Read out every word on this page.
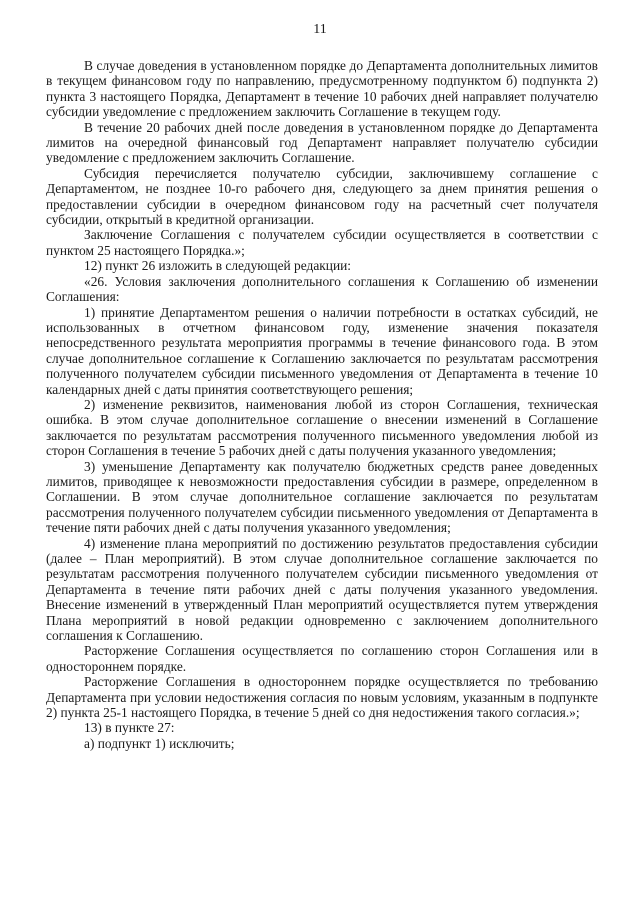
11

В случае доведения в установленном порядке до Департамента дополнительных лимитов в текущем финансовом году по направлению, предусмотренному подпунктом б) подпункта 2) пункта 3 настоящего Порядка, Департамент в течение 10 рабочих дней направляет получателю субсидии уведомление с предложением заключить Соглашение в текущем году.

В течение 20 рабочих дней после доведения в установленном порядке до Департамента лимитов на очередной финансовый год Департамент направляет получателю субсидии уведомление с предложением заключить Соглашение.

Субсидия перечисляется получателю субсидии, заключившему соглашение с Департаментом, не позднее 10-го рабочего дня, следующего за днем принятия решения о предоставлении субсидии в очередном финансовом году на расчетный счет получателя субсидии, открытый в кредитной организации.

Заключение Соглашения с получателем субсидии осуществляется в соответствии с пунктом 25 настоящего Порядка.»;

12) пункт 26 изложить в следующей редакции:

«26. Условия заключения дополнительного соглашения к Соглашению об изменении Соглашения:

1) принятие Департаментом решения о наличии потребности в остатках субсидий, не использованных в отчетном финансовом году, изменение значения показателя непосредственного результата мероприятия программы в течение финансового года. В этом случае дополнительное соглашение к Соглашению заключается по результатам рассмотрения полученного получателем субсидии письменного уведомления от Департамента в течение 10 календарных дней с даты принятия соответствующего решения;

2) изменение реквизитов, наименования любой из сторон Соглашения, техническая ошибка. В этом случае дополнительное соглашение о внесении изменений в Соглашение заключается по результатам рассмотрения полученного письменного уведомления любой из сторон Соглашения в течение 5 рабочих дней с даты получения указанного уведомления;

3) уменьшение Департаменту как получателю бюджетных средств ранее доведенных лимитов, приводящее к невозможности предоставления субсидии в размере, определенном в Соглашении. В этом случае дополнительное соглашение заключается по результатам рассмотрения полученного получателем субсидии письменного уведомления от Департамента в течение пяти рабочих дней с даты получения указанного уведомления;

4) изменение плана мероприятий по достижению результатов предоставления субсидии (далее – План мероприятий). В этом случае дополнительное соглашение заключается по результатам рассмотрения полученного получателем субсидии письменного уведомления от Департамента в течение пяти рабочих дней с даты получения указанного уведомления. Внесение изменений в утвержденный План мероприятий осуществляется путем утверждения Плана мероприятий в новой редакции одновременно с заключением дополнительного соглашения к Соглашению.

Расторжение Соглашения осуществляется по соглашению сторон Соглашения или в одностороннем порядке.

Расторжение Соглашения в одностороннем порядке осуществляется по требованию Департамента при условии недостижения согласия по новым условиям, указанным в подпункте 2) пункта 25-1 настоящего Порядка, в течение 5 дней со дня недостижения такого согласия.»;

13) в пункте 27:

а) подпункт 1) исключить;
